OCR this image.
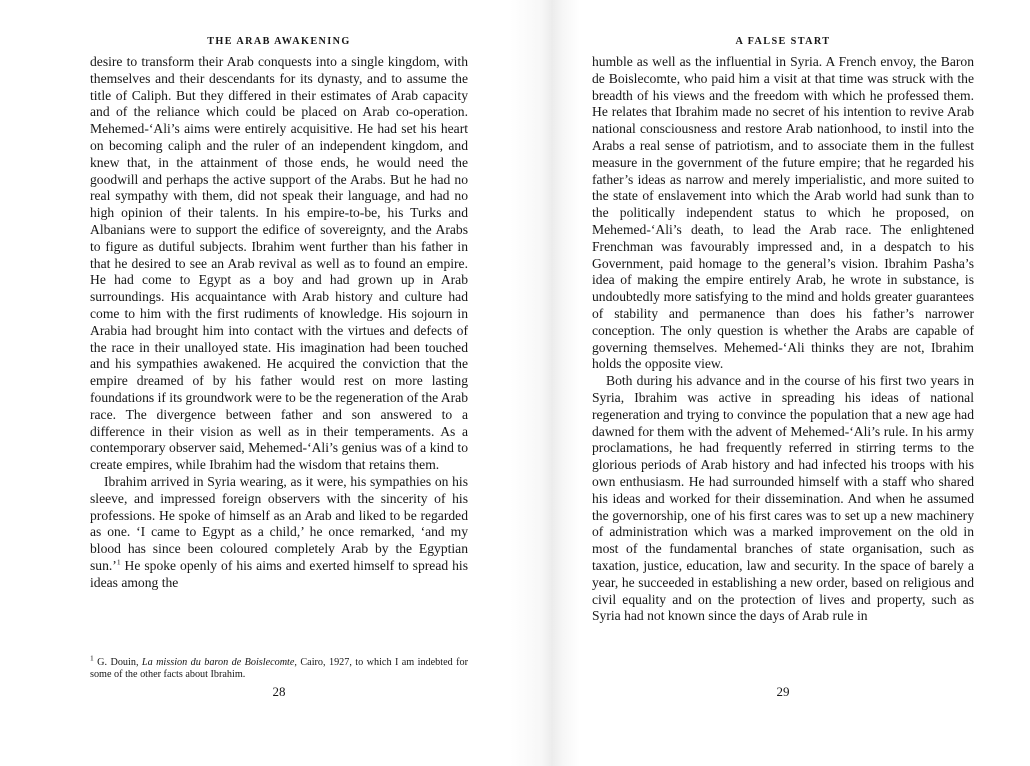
THE ARAB AWAKENING

desire to transform their Arab conquests into a single kingdom, with themselves and their descendants for its dynasty, and to assume the title of Caliph. But they differed in their estimates of Arab capacity and of the reliance which could be placed on Arab co-operation. Mehemed-‘Ali’s aims were entirely acquisitive. He had set his heart on becoming caliph and the ruler of an independent kingdom, and knew that, in the attainment of those ends, he would need the goodwill and perhaps the active support of the Arabs. But he had no real sympathy with them, did not speak their language, and had no high opinion of their talents. In his empire-to-be, his Turks and Albanians were to support the edifice of sovereignty, and the Arabs to figure as dutiful subjects. Ibrahim went further than his father in that he desired to see an Arab revival as well as to found an empire. He had come to Egypt as a boy and had grown up in Arab surroundings. His acquaintance with Arab history and culture had come to him with the first rudiments of knowledge. His sojourn in Arabia had brought him into contact with the virtues and defects of the race in their unalloyed state. His imagination had been touched and his sympathies awakened. He acquired the conviction that the empire dreamed of by his father would rest on more lasting foundations if its groundwork were to be the regeneration of the Arab race. The divergence between father and son answered to a difference in their vision as well as in their temperaments. As a contemporary observer said, Mehemed-‘Ali’s genius was of a kind to create empires, while Ibrahim had the wisdom that retains them.

Ibrahim arrived in Syria wearing, as it were, his sympathies on his sleeve, and impressed foreign observers with the sincerity of his professions. He spoke of himself as an Arab and liked to be regarded as one. ‘I came to Egypt as a child,’ he once remarked, ‘and my blood has since been coloured completely Arab by the Egyptian sun.’$^1$ He spoke openly of his aims and exerted himself to spread his ideas among the

$^1$ G. Douin, La mission du baron de Boislecomte, Cairo, 1927, to which I am indebted for some of the other facts about Ibrahim.
28
A FALSE START

humble as well as the influential in Syria. A French envoy, the Baron de Boislecomte, who paid him a visit at that time was struck with the breadth of his views and the freedom with which he professed them. He relates that Ibrahim made no secret of his intention to revive Arab national consciousness and restore Arab nationhood, to instil into the Arabs a real sense of patriotism, and to associate them in the fullest measure in the government of the future empire; that he regarded his father’s ideas as narrow and merely imperialistic, and more suited to the state of enslavement into which the Arab world had sunk than to the politically independent status to which he proposed, on Mehemed-‘Ali’s death, to lead the Arab race. The enlightened Frenchman was favourably impressed and, in a despatch to his Government, paid homage to the general’s vision. Ibrahim Pasha’s idea of making the empire entirely Arab, he wrote in substance, is undoubtedly more satisfying to the mind and holds greater guarantees of stability and permanence than does his father’s narrower conception. The only question is whether the Arabs are capable of governing themselves. Mehemed-‘Ali thinks they are not, Ibrahim holds the opposite view.

Both during his advance and in the course of his first two years in Syria, Ibrahim was active in spreading his ideas of national regeneration and trying to convince the population that a new age had dawned for them with the advent of Mehemed-‘Ali’s rule. In his army proclamations, he had frequently referred in stirring terms to the glorious periods of Arab history and had infected his troops with his own enthusiasm. He had surrounded himself with a staff who shared his ideas and worked for their dissemination. And when he assumed the governorship, one of his first cares was to set up a new machinery of administration which was a marked improvement on the old in most of the fundamental branches of state organisation, such as taxation, justice, education, law and security. In the space of barely a year, he succeeded in establishing a new order, based on religious and civil equality and on the protection of lives and property, such as Syria had not known since the days of Arab rule in

29
